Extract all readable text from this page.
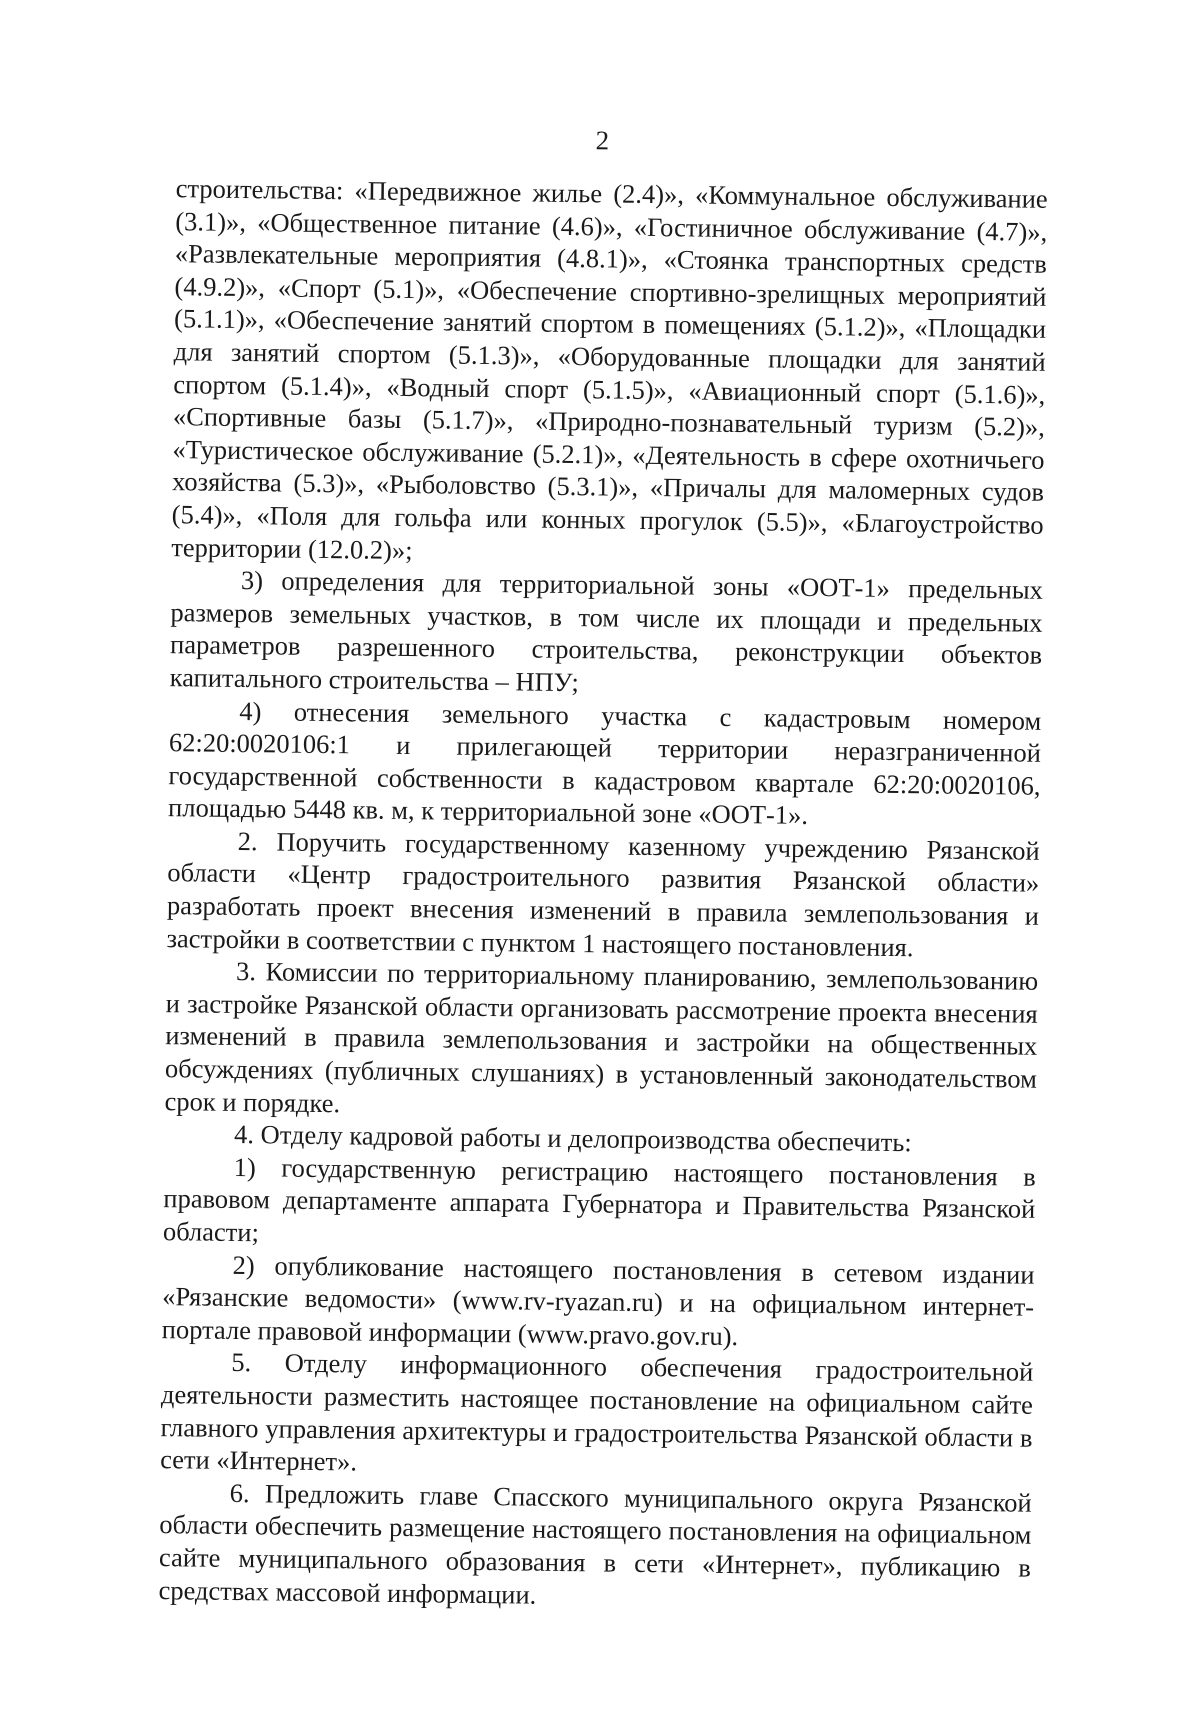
2

строительства: «Передвижное жилье (2.4)», «Коммунальное обслуживание (3.1)», «Общественное питание (4.6)», «Гостиничное обслуживание (4.7)», «Развлекательные мероприятия (4.8.1)», «Стоянка транспортных средств (4.9.2)», «Спорт (5.1)», «Обеспечение спортивно-зрелищных мероприятий (5.1.1)», «Обеспечение занятий спортом в помещениях (5.1.2)», «Площадки для занятий спортом (5.1.3)», «Оборудованные площадки для занятий спортом (5.1.4)», «Водный спорт (5.1.5)», «Авиационный спорт (5.1.6)», «Спортивные базы (5.1.7)», «Природно-познавательный туризм (5.2)», «Туристическое обслуживание (5.2.1)», «Деятельность в сфере охотничьего хозяйства (5.3)», «Рыболовство (5.3.1)», «Причалы для маломерных судов (5.4)», «Поля для гольфа или конных прогулок (5.5)», «Благоустройство территории (12.0.2)»;

3) определения для территориальной зоны «ООТ-1» предельных размеров земельных участков, в том числе их площади и предельных параметров разрешенного строительства, реконструкции объектов капитального строительства – НПУ;

4) отнесения земельного участка с кадастровым номером 62:20:0020106:1 и прилегающей территории неразграниченной государственной собственности в кадастровом квартале 62:20:0020106, площадью 5448 кв. м, к территориальной зоне «ООТ-1».

2. Поручить государственному казенному учреждению Рязанской области «Центр градостроительного развития Рязанской области» разработать проект внесения изменений в правила землепользования и застройки в соответствии с пунктом 1 настоящего постановления.

3. Комиссии по территориальному планированию, землепользованию и застройке Рязанской области организовать рассмотрение проекта внесения изменений в правила землепользования и застройки на общественных обсуждениях (публичных слушаниях) в установленный законодательством срок и порядке.

4. Отделу кадровой работы и делопроизводства обеспечить:

1) государственную регистрацию настоящего постановления в правовом департаменте аппарата Губернатора и Правительства Рязанской области;

2) опубликование настоящего постановления в сетевом издании «Рязанские ведомости» (www.rv-ryazan.ru) и на официальном интернет-портале правовой информации (www.pravo.gov.ru).

5. Отделу информационного обеспечения градостроительной деятельности разместить настоящее постановление на официальном сайте главного управления архитектуры и градостроительства Рязанской области в сети «Интернет».

6. Предложить главе Спасского муниципального округа Рязанской области обеспечить размещение настоящего постановления на официальном сайте муниципального образования в сети «Интернет», публикацию в средствах массовой информации.
